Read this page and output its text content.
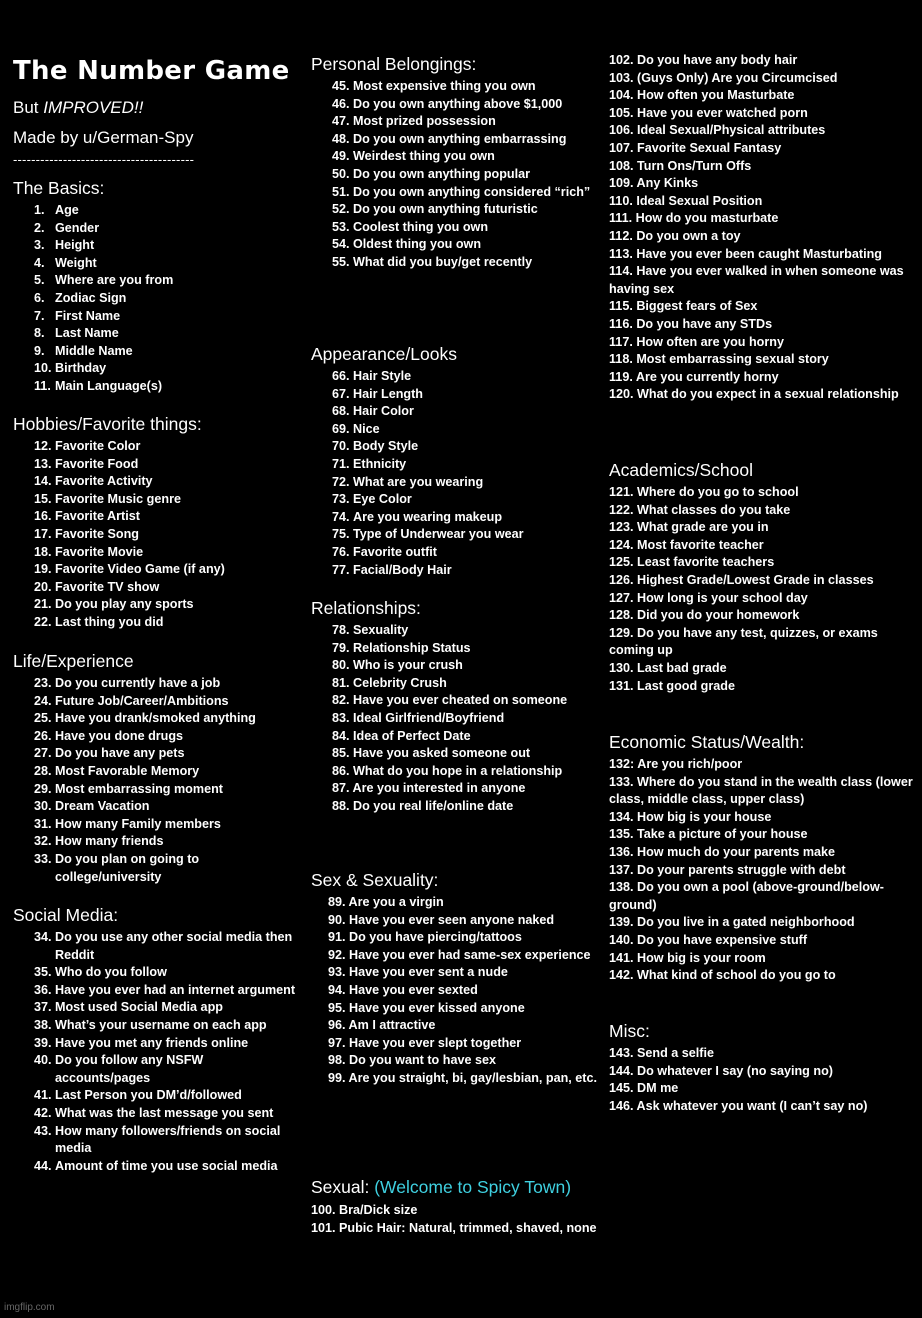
The Number Game
But IMPROVED!!
Made by u/German-Spy
----------------------------------------
The Basics:
1. Age
2. Gender
3. Height
4. Weight
5. Where are you from
6. Zodiac Sign
7. First Name
8. Last Name
9. Middle Name
10. Birthday
11. Main Language(s)
Hobbies/Favorite things:
12. Favorite Color
13. Favorite Food
14. Favorite Activity
15. Favorite Music genre
16. Favorite Artist
17. Favorite Song
18. Favorite Movie
19. Favorite Video Game (if any)
20. Favorite TV show
21. Do you play any sports
22. Last thing you did
Life/Experience
23. Do you currently have a job
24. Future Job/Career/Ambitions
25. Have you drank/smoked anything
26. Have you done drugs
27. Do you have any pets
28. Most Favorable Memory
29. Most embarrassing moment
30. Dream Vacation
31. How many Family members
32. How many friends
33. Do you plan on going to college/university
Social Media:
34. Do you use any other social media then Reddit
35. Who do you follow
36. Have you ever had an internet argument
37. Most used Social Media app
38. What’s your username on each app
39. Have you met any friends online
40. Do you follow any NSFW accounts/pages
41. Last Person you DM’d/followed
42. What was the last message you sent
43. How many followers/friends on social media
44. Amount of time you use social media
Personal Belongings:
45. Most expensive thing you own
46. Do you own anything above $1,000
47. Most prized possession
48. Do you own anything embarrassing
49. Weirdest thing you own
50. Do you own anything popular
51. Do you own anything considered “rich”
52. Do you own anything futuristic
53. Coolest thing you own
54. Oldest thing you own
55. What did you buy/get recently
Appearance/Looks
66. Hair Style
67. Hair Length
68. Hair Color
69. Nice
70. Body Style
71. Ethnicity
72. What are you wearing
73. Eye Color
74. Are you wearing makeup
75. Type of Underwear you wear
76. Favorite outfit
77. Facial/Body Hair
Relationships:
78. Sexuality
79. Relationship Status
80. Who is your crush
81. Celebrity Crush
82. Have you ever cheated on someone
83. Ideal Girlfriend/Boyfriend
84. Idea of Perfect Date
85. Have you asked someone out
86. What do you hope in a relationship
87. Are you interested in anyone
88. Do you real life/online date
Sex & Sexuality:
89. Are you a virgin
90. Have you ever seen anyone naked
91. Do you have piercing/tattoos
92. Have you ever had same-sex experience
93. Have you ever sent a nude
94. Have you ever sexted
95. Have you ever kissed anyone
96. Am I attractive
97. Have you ever slept together
98. Do you want to have sex
99. Are you straight, bi, gay/lesbian, pan, etc.
Sexual: (Welcome to Spicy Town)
100. Bra/Dick size
101. Pubic Hair: Natural, trimmed, shaved, none
102. Do you have any body hair
103. (Guys Only) Are you Circumcised
104. How often you Masturbate
105. Have you ever watched porn
106. Ideal Sexual/Physical attributes
107. Favorite Sexual Fantasy
108. Turn Ons/Turn Offs
109. Any Kinks
110. Ideal Sexual Position
111. How do you masturbate
112. Do you own a toy
113. Have you ever been caught Masturbating
114. Have you ever walked in when someone was having sex
115. Biggest fears of Sex
116. Do you have any STDs
117. How often are you horny
118. Most embarrassing sexual story
119. Are you currently horny
120. What do you expect in a sexual relationship
Academics/School
121. Where do you go to school
122. What classes do you take
123. What grade are you in
124. Most favorite teacher
125. Least favorite teachers
126. Highest Grade/Lowest Grade in classes
127. How long is your school day
128. Did you do your homework
129. Do you have any test, quizzes, or exams coming up
130. Last bad grade
131. Last good grade
Economic Status/Wealth:
132: Are you rich/poor
133. Where do you stand in the wealth class (lower class, middle class, upper class)
134. How big is your house
135. Take a picture of your house
136. How much do your parents make
137. Do your parents struggle with debt
138. Do you own a pool (above-ground/below-ground)
139. Do you live in a gated neighborhood
140. Do you have expensive stuff
141. How big is your room
142. What kind of school do you go to
Misc:
143. Send a selfie
144. Do whatever I say (no saying no)
145. DM me
146. Ask whatever you want (I can’t say no)
imgflip.com
